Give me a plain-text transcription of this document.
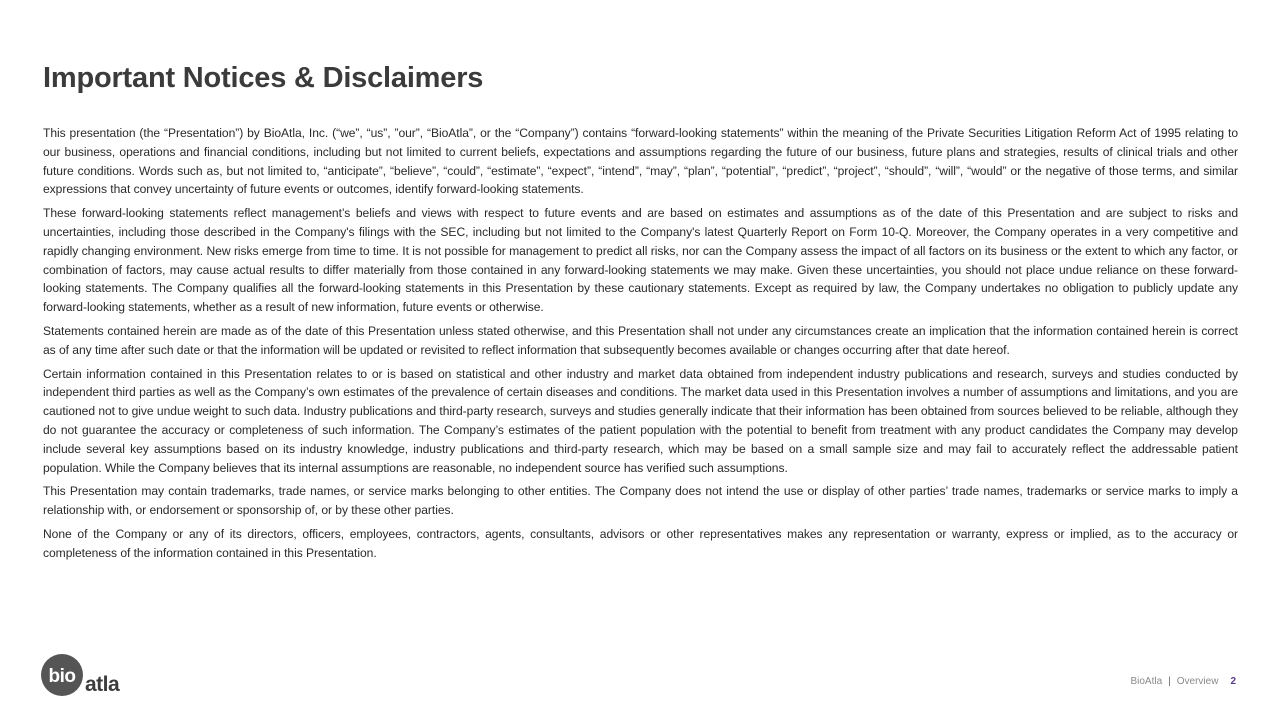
Important Notices & Disclaimers

This presentation (the “Presentation”) by BioAtla, Inc. (“we”, “us”, ”our”, “BioAtla”, or the “Company”) contains “forward-looking statements” within the meaning of the Private Securities Litigation Reform Act of 1995 relating to our business, operations and financial conditions, including but not limited to current beliefs, expectations and assumptions regarding the future of our business, future plans and strategies, results of clinical trials and other future conditions. Words such as, but not limited to, “anticipate”, “believe”, “could”, “estimate”, “expect”, “intend”, “may”, “plan”, “potential”, “predict”, “project”, “should”, “will”, “would” or the negative of those terms, and similar expressions that convey uncertainty of future events or outcomes, identify forward-looking statements.

These forward-looking statements reflect management’s beliefs and views with respect to future events and are based on estimates and assumptions as of the date of this Presentation and are subject to risks and uncertainties, including those described in the Company's filings with the SEC, including but not limited to the Company's latest Quarterly Report on Form 10-Q. Moreover, the Company operates in a very competitive and rapidly changing environment. New risks emerge from time to time. It is not possible for management to predict all risks, nor can the Company assess the impact of all factors on its business or the extent to which any factor, or combination of factors, may cause actual results to differ materially from those contained in any forward-looking statements we may make. Given these uncertainties, you should not place undue reliance on these forward-looking statements. The Company qualifies all the forward-looking statements in this Presentation by these cautionary statements. Except as required by law, the Company undertakes no obligation to publicly update any forward-looking statements, whether as a result of new information, future events or otherwise.

Statements contained herein are made as of the date of this Presentation unless stated otherwise, and this Presentation shall not under any circumstances create an implication that the information contained herein is correct as of any time after such date or that the information will be updated or revisited to reflect information that subsequently becomes available or changes occurring after that date hereof.

Certain information contained in this Presentation relates to or is based on statistical and other industry and market data obtained from independent industry publications and research, surveys and studies conducted by independent third parties as well as the Company’s own estimates of the prevalence of certain diseases and conditions. The market data used in this Presentation involves a number of assumptions and limitations, and you are cautioned not to give undue weight to such data. Industry publications and third-party research, surveys and studies generally indicate that their information has been obtained from sources believed to be reliable, although they do not guarantee the accuracy or completeness of such information. The Company’s estimates of the patient population with the potential to benefit from treatment with any product candidates the Company may develop include several key assumptions based on its industry knowledge, industry publications and third-party research, which may be based on a small sample size and may fail to accurately reflect the addressable patient population. While the Company believes that its internal assumptions are reasonable, no independent source has verified such assumptions.

This Presentation may contain trademarks, trade names, or service marks belonging to other entities. The Company does not intend the use or display of other parties’ trade names, trademarks or service marks to imply a relationship with, or endorsement or sponsorship of, or by these other parties.

None of the Company or any of its directors, officers, employees, contractors, agents, consultants, advisors or other representatives makes any representation or warranty, express or implied, as to the accuracy or completeness of the information contained in this Presentation.

bio atla	BioAtla | Overview 2
